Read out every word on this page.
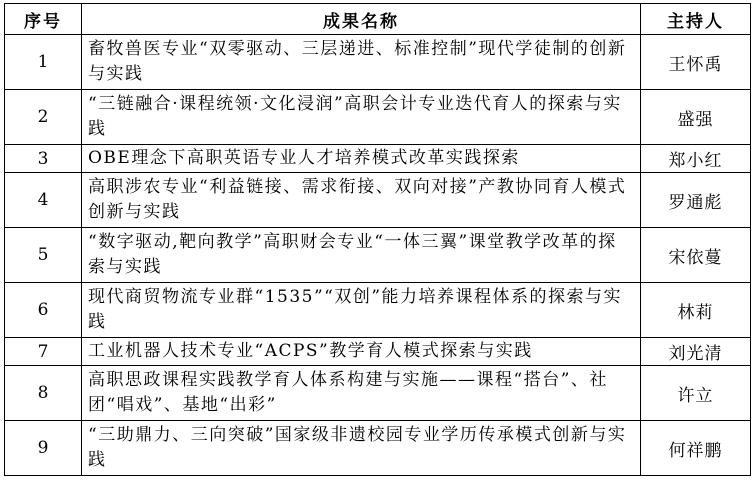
序号	成果名称	主持人
1	畜牧兽医专业“双零驱动、三层递进、标准控制”现代学徒制的创新与实践	王怀禹
2	“三链融合·课程统领·文化浸润”高职会计专业迭代育人的探索与实践	盛强
3	OBE理念下高职英语专业人才培养模式改革实践探索	郑小红
4	高职涉农专业“利益链接、需求衔接、双向对接”产教协同育人模式创新与实践	罗通彪
5	“数字驱动,靶向教学”高职财会专业“一体三翼”课堂教学改革的探索与实践	宋依蔓
6	现代商贸物流专业群“1535”“双创”能力培养课程体系的探索与实践	林莉
7	工业机器人技术专业“ACPS”教学育人模式探索与实践	刘光清
8	高职思政课程实践教学育人体系构建与实施——课程“搭台”、社团“唱戏”、基地“出彩”	许立
9	“三助鼎力、三向突破”国家级非遗校园专业学历传承模式创新与实践	何祥鹏
